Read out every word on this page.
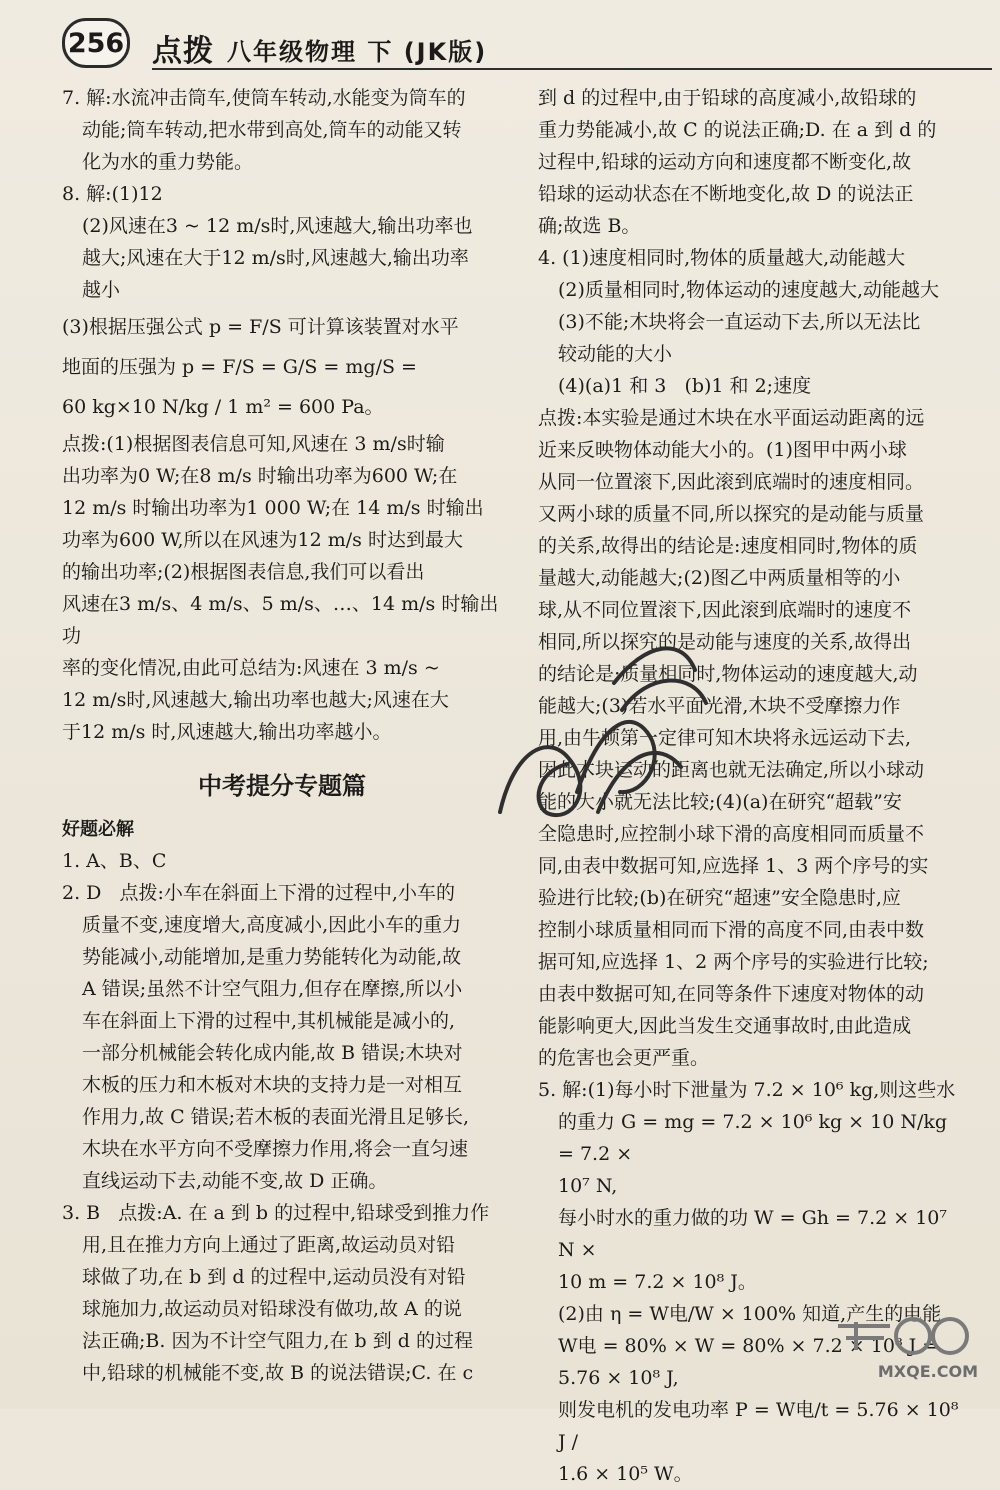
256 点拨 八年级物理 下 (JK版)
7. 解:水流冲击筒车,使筒车转动,水能变为筒车的
动能;筒车转动,把水带到高处,筒车的动能又转
化为水的重力势能。
8. 解:(1)12
(2)风速在3 ~ 12 m/s时,风速越大,输出功率也
越大;风速在大于12 m/s时,风速越大,输出功率
越小
(3)根据压强公式 p = F/S 可计算该装置对水平
地面的压强为 p = F/S = G/S = mg/S =
60 kg×10 N/kg / 1 m² = 600 Pa。
点拨:(1)根据图表信息可知,风速在 3 m/s时输
出功率为0 W;在8 m/s 时输出功率为600 W;在
12 m/s 时输出功率为1 000 W;在 14 m/s 时输出
功率为600 W,所以在风速为12 m/s 时达到最大
的输出功率;(2)根据图表信息,我们可以看出
风速在3 m/s、4 m/s、5 m/s、…、14 m/s 时输出功
率的变化情况,由此可总结为:风速在 3 m/s ~
12 m/s时,风速越大,输出功率也越大;风速在大
于12 m/s 时,风速越大,输出功率越小。
中考提分专题篇
好题必解
1. A、B、C
2. D   点拨:小车在斜面上下滑的过程中,小车的
质量不变,速度增大,高度减小,因此小车的重力
势能减小,动能增加,是重力势能转化为动能,故
A 错误;虽然不计空气阻力,但存在摩擦,所以小
车在斜面上下滑的过程中,其机械能是减小的,
一部分机械能会转化成内能,故 B 错误;木块对
木板的压力和木板对木块的支持力是一对相互
作用力,故 C 错误;若木板的表面光滑且足够长,
木块在水平方向不受摩擦力作用,将会一直匀速
直线运动下去,动能不变,故 D 正确。
3. B   点拨:A. 在 a 到 b 的过程中,铅球受到推力作
用,且在推力方向上通过了距离,故运动员对铅
球做了功,在 b 到 d 的过程中,运动员没有对铅
球施加力,故运动员对铅球没有做功,故 A 的说
法正确;B. 因为不计空气阻力,在 b 到 d 的过程
中,铅球的机械能不变,故 B 的说法错误;C. 在 c
到 d 的过程中,由于铅球的高度减小,故铅球的
重力势能减小,故 C 的说法正确;D. 在 a 到 d 的
过程中,铅球的运动方向和速度都不断变化,故
铅球的运动状态在不断地变化,故 D 的说法正
确;故选 B。
4. (1)速度相同时,物体的质量越大,动能越大
(2)质量相同时,物体运动的速度越大,动能越大
(3)不能;木块将会一直运动下去,所以无法比
较动能的大小
(4)(a)1 和 3   (b)1 和 2;速度
点拨:本实验是通过木块在水平面运动距离的远
近来反映物体动能大小的。(1)图甲中两小球
从同一位置滚下,因此滚到底端时的速度相同。
又两小球的质量不同,所以探究的是动能与质量
的关系,故得出的结论是:速度相同时,物体的质
量越大,动能越大;(2)图乙中两质量相等的小
球,从不同位置滚下,因此滚到底端时的速度不
相同,所以探究的是动能与速度的关系,故得出
的结论是:质量相同时,物体运动的速度越大,动
能越大;(3)若水平面光滑,木块不受摩擦力作
用,由牛顿第一定律可知木块将永远运动下去,
因此木块运动的距离也就无法确定,所以小球动
能的大小就无法比较;(4)(a)在研究“超载”安
全隐患时,应控制小球下滑的高度相同而质量不
同,由表中数据可知,应选择 1、3 两个序号的实
验进行比较;(b)在研究“超速”安全隐患时,应
控制小球质量相同而下滑的高度不同,由表中数
据可知,应选择 1、2 两个序号的实验进行比较;
由表中数据可知,在同等条件下速度对物体的动
能影响更大,因此当发生交通事故时,由此造成
的危害也会更严重。
5. 解:(1)每小时下泄量为 7.2 × 10⁶ kg,则这些水
的重力 G = mg = 7.2 × 10⁶ kg × 10 N/kg = 7.2 ×
10⁷ N,
每小时水的重力做的功 W = Gh = 7.2 × 10⁷ N ×
10 m = 7.2 × 10⁸ J。
(2)由 η = W电/W × 100% 知道,产生的电能
W电 = 80% × W = 80% × 7.2 × 10⁸ J = 5.76 × 10⁸ J,
则发电机的发电功率 P = W电/t = 5.76 × 10⁸ J /
1.6 × 10⁵ W。
MXQE.COM
